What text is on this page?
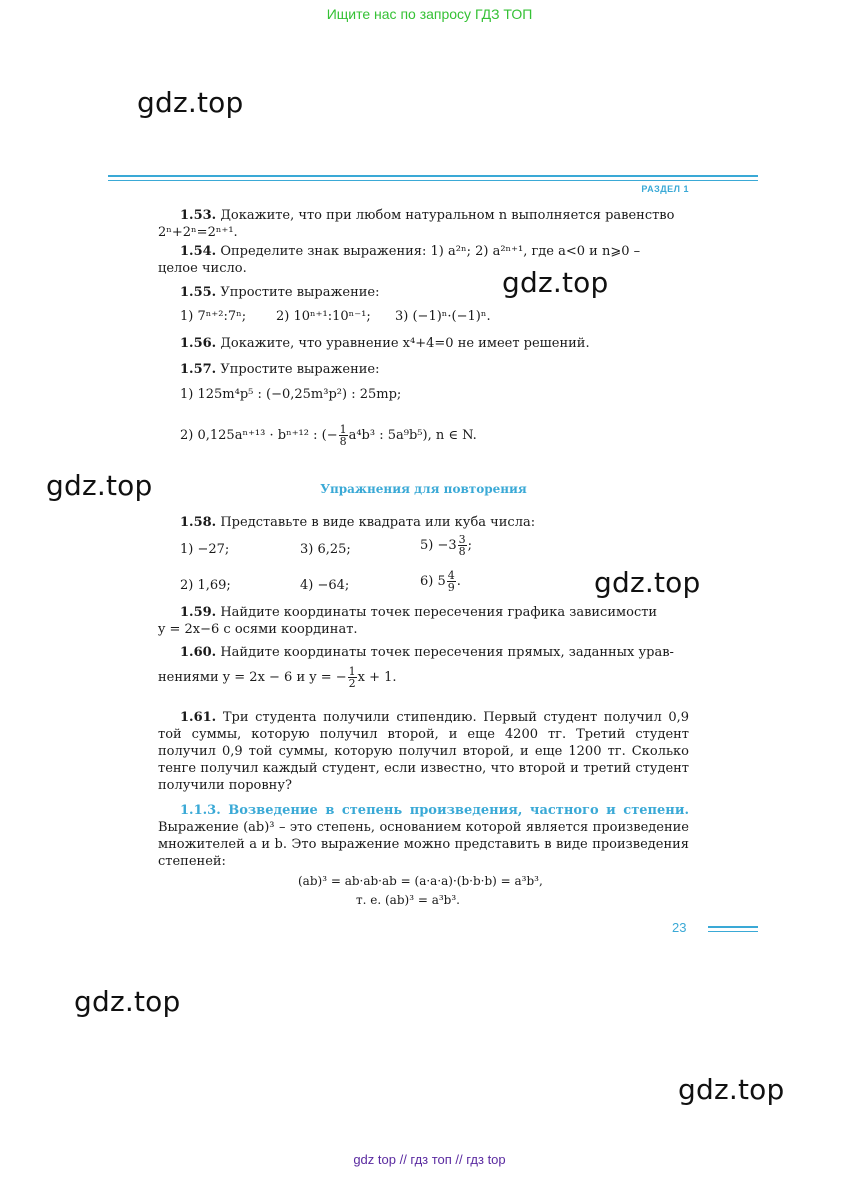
Ищите нас по запросу ГДЗ ТОП
gdz.top
gdz.top
gdz.top
gdz.top
gdz.top
gdz.top
РАЗДЕЛ 1
1.53. Докажите, что при любом натуральном n выполняется равенство
2ⁿ+2ⁿ=2ⁿ⁺¹.
1.54. Определите знак выражения: 1) a²ⁿ; 2) a²ⁿ⁺¹, где a<0 и n⩾0 –
целое число.
1.55. Упростите выражение:
1) 7ⁿ⁺²:7ⁿ; 2) 10ⁿ⁺¹:10ⁿ⁻¹; 3) (−1)ⁿ·(−1)ⁿ.
1.56. Докажите, что уравнение x⁴+4=0 не имеет решений.
1.57. Упростите выражение:
1) 125m⁴p⁵ : (−0,25m³p²) : 25mp;
2) 0,125aⁿ⁺¹³ · bⁿ⁺¹² : (− $\frac{1}{8} a^4b^3$ : 5a⁹b⁵), n ∈ N.
Упражнения для повторения
1.58. Представьте в виде квадрата или куба числа:
1) −27;	3) 6,25;	$5) -3 \frac{3}{8}$ ;
2) 1,69;	4) −64;	6) $5 \frac{4}{9}$ .
1.59. Найдите координаты точек пересечения графика зависимости
y = 2x−6 с осями координат.
1.60. Найдите координаты точек пересечения прямых, заданных урав-
нениями y = 2x − 6 и y = − $\frac{1}{2}$ x + 1.
1.61. Три студента получили стипендию. Первый студент получил 0,9 той суммы, которую получил второй, и еще 4200 тг. Третий студент получил 0,9 той суммы, которую получил второй, и еще 1200 тг. Сколько тенге получил каждый студент, если известно, что второй и третий студент получили поровну?
1.1.3. Возведение в степень произведения, частного и степени. Выражение (ab)³ – это степень, основанием которой является произведение множителей a и b. Это выражение можно представить в виде произведения степеней:
(ab)³ = ab·ab·ab = (a·a·a)·(b·b·b) = a³b³,
т. е. (ab)³ = a³b³.
23
gdz top // гдз топ // гдз top
